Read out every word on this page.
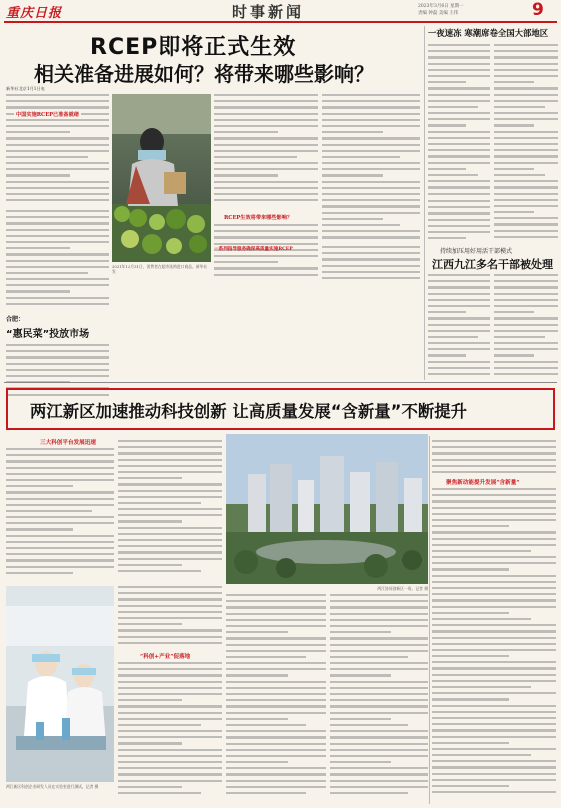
重庆日报	时事新闻	2023年3月6日 星期一
责编 钟磊 美编 王伟	9
RCEP即将正式生效
相关准备进展如何？将带来哪些影响？
新华社北京1月1日电
中国实施RCEP已准备就绪
2021年12月31日，消费者在超市选购进口商品。新华社发
RCEP生效将带来哪些影响？
一系列指导服务确保高质量实施RCEP
合肥：
“惠民菜”投放市场
一夜速冻 寒潮席卷全国大部地区
持续加压用好用活干部模式
江西九江多名干部被处理
两江新区加速推动科技创新 让高质量发展“含新量”不断提升
三大科创平台发展迅速
两江协同创新区一角。记者 摄
聚焦新动能提升发展“含新量”
两江新区科创企业研发人员在实验室进行测试。记者 摄
“科创+产业”促落地
